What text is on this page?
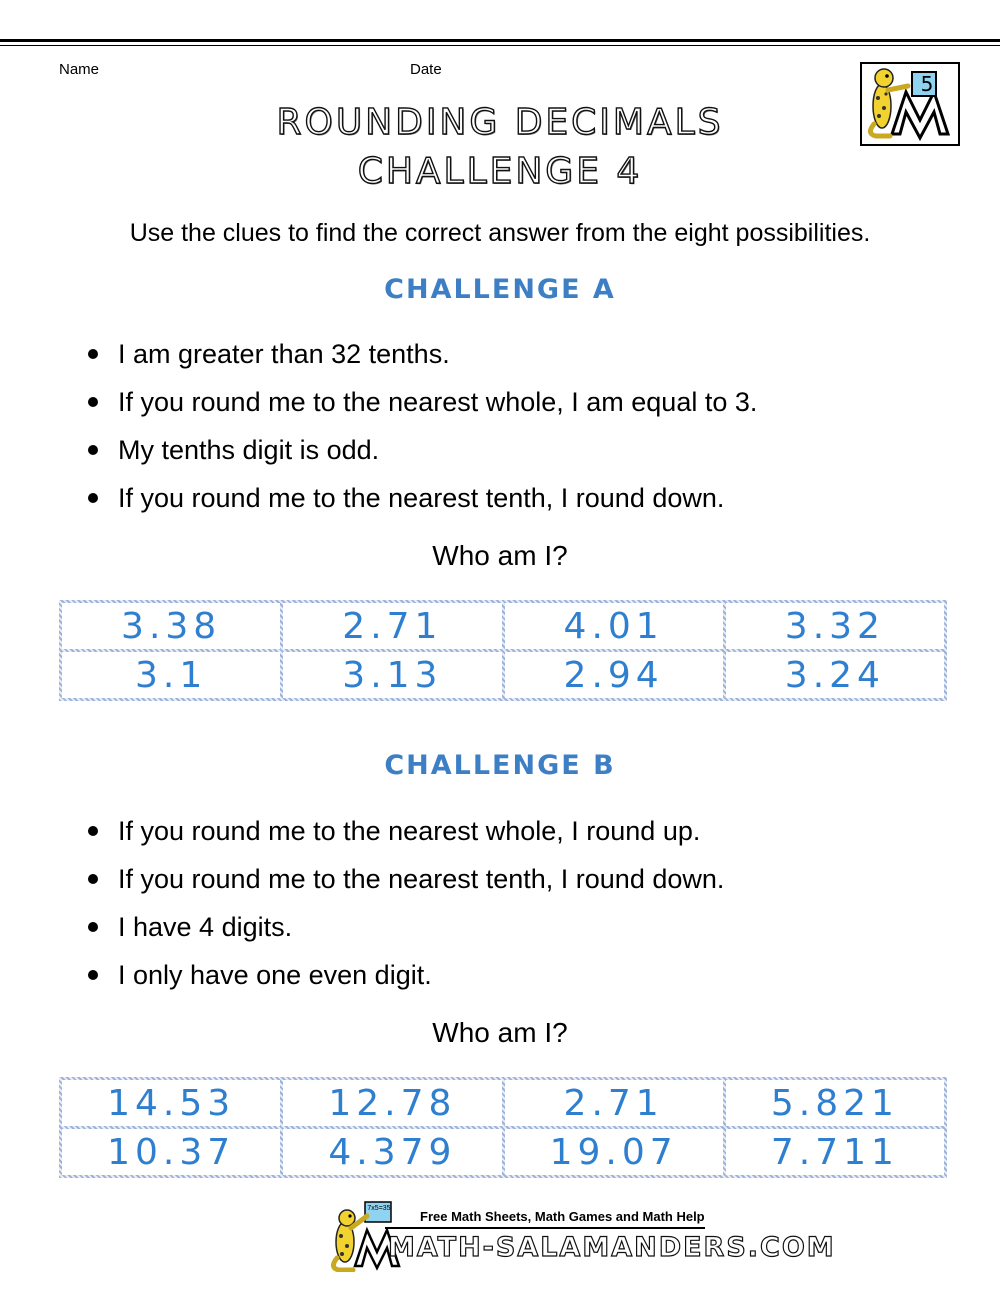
Name	Date
5
ROUNDING DECIMALS
CHALLENGE 4
Use the clues to find the correct answer from the eight possibilities.
CHALLENGE A
I am greater than 32 tenths.
If you round me to the nearest whole, I am equal to 3.
My tenths digit is odd.
If you round me to the nearest tenth, I round down.
Who am I?
3.38	2.71	4.01	3.32
3.1	3.13	2.94	3.24
CHALLENGE B
If you round me to the nearest whole, I round up.
If you round me to the nearest tenth, I round down.
I have 4 digits.
I only have one even digit.
Who am I?
14.53	12.78	2.71	5.821
10.37	4.379	19.07	7.711
7x5=35
Free Math Sheets, Math Games and Math Help
MATH-SALAMANDERS.COM
